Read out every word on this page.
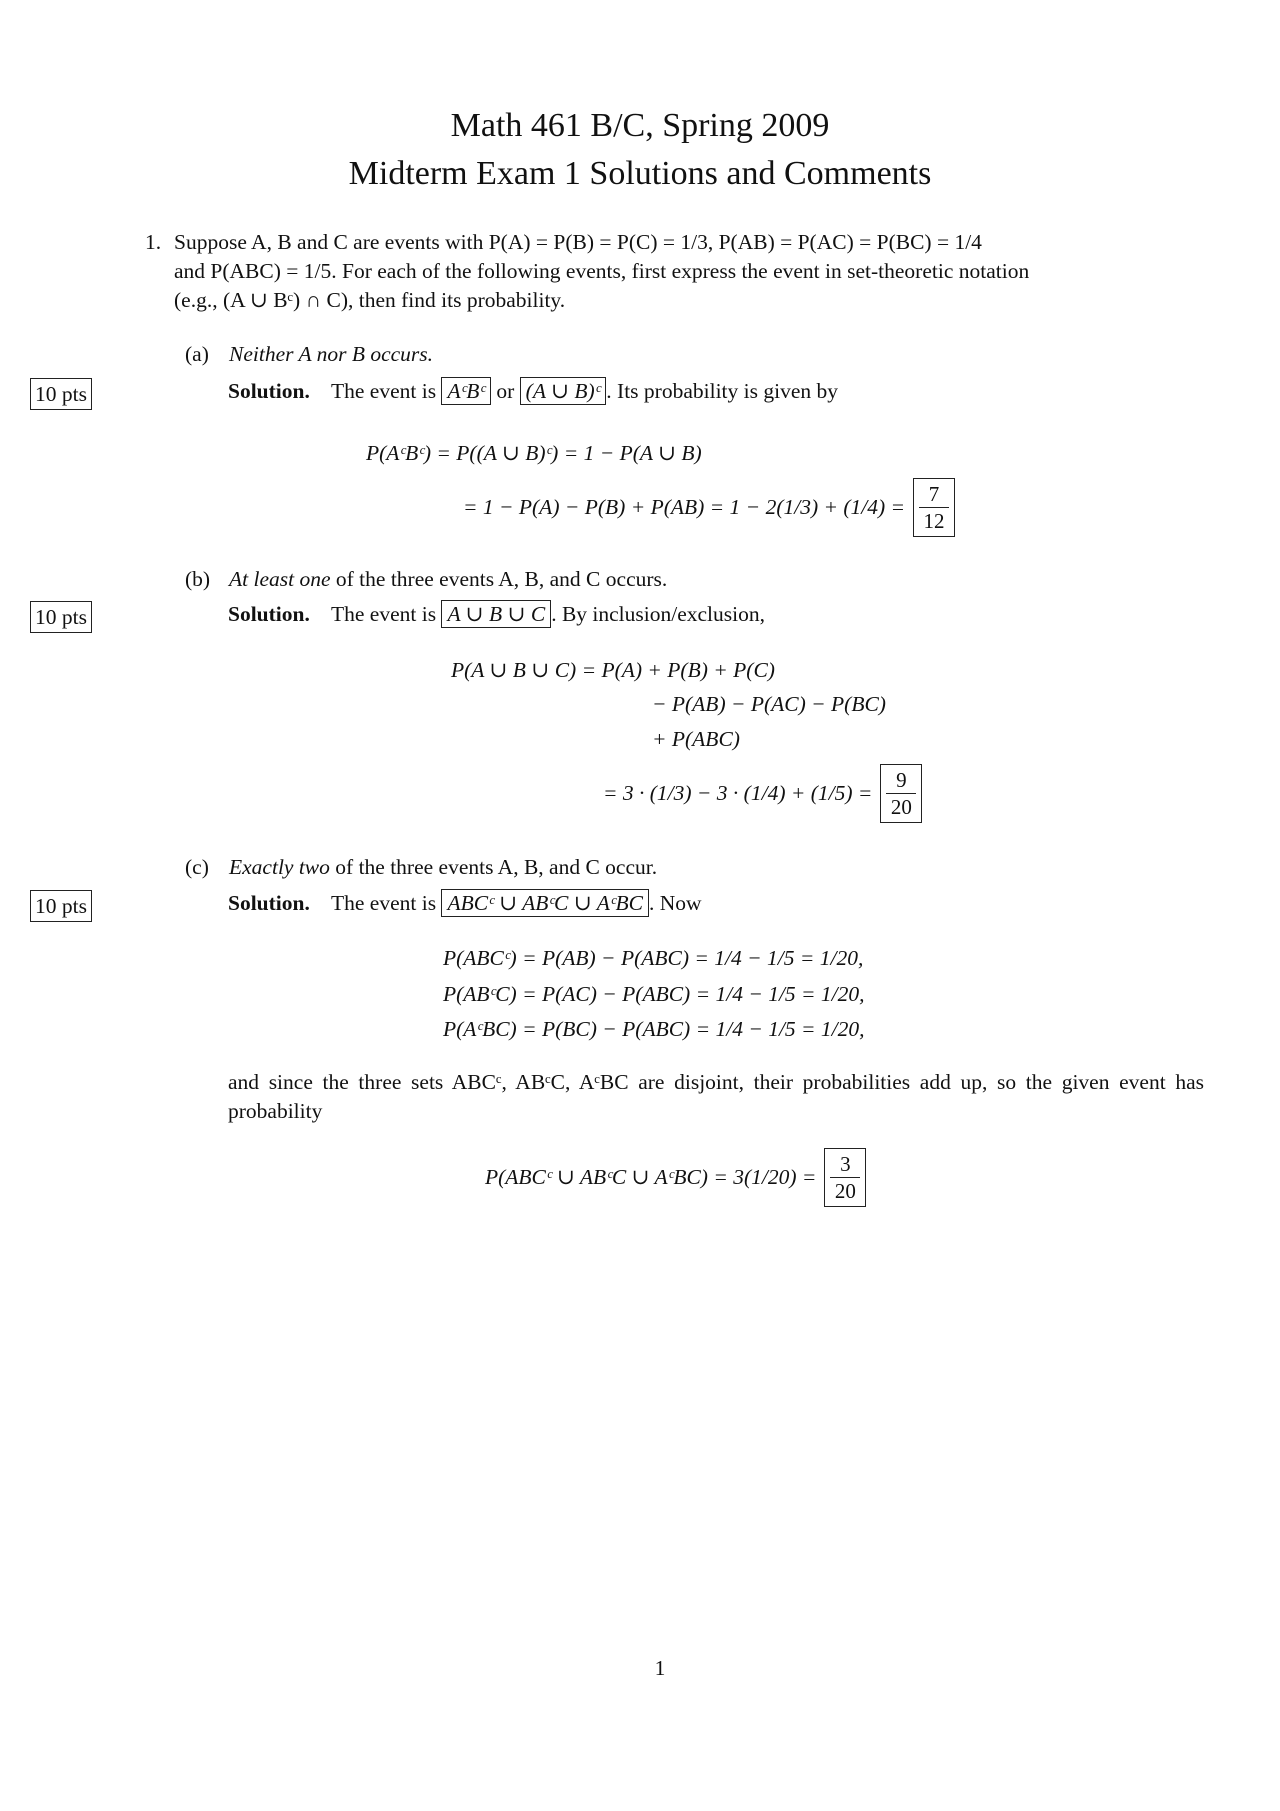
Math 461 B/C, Spring 2009
Midterm Exam 1 Solutions and Comments
1. Suppose A, B and C are events with P(A) = P(B) = P(C) = 1/3, P(AB) = P(AC) = P(BC) = 1/4
and P(ABC) = 1/5. For each of the following events, first express the event in set-theoretic notation
(e.g., (A ∪ Bᶜ) ∩ C), then find its probability.
(a) Neither A nor B occurs.
10 pts	Solution. The event is AᶜBᶜ or (A ∪ B)ᶜ . Its probability is given by
P(AᶜBᶜ) = P((A ∪ B)ᶜ) = 1 − P(A ∪ B)
= $1 - P(A) - P(B) + P(AB) = 1 - 2(1/3) + (1/4) = \frac{7}{12}$
(b) At least one of the three events A, B, and C occurs.
10 pts	Solution. The event is A ∪ B ∪ C . By inclusion/exclusion,
P(A ∪ B ∪ C) = P(A) + P(B) + P(C)
− P(AB) − P(AC) − P(BC)
+ P(ABC)
= $3 \cdot (1/3) - 3 \cdot (1/4) + (1/5) = \frac{9}{20}$
(c) Exactly two of the three events A, B, and C occur.
10 pts	Solution. The event is ABCᶜ ∪ ABᶜC ∪ AᶜBC . Now
P(ABCᶜ) = P(AB) − P(ABC) = 1/4 − 1/5 = 1/20,
P(ABᶜC) = P(AC) − P(ABC) = 1/4 − 1/5 = 1/20,
P(AᶜBC) = P(BC) − P(ABC) = 1/4 − 1/5 = 1/20,
and since the three sets ABCᶜ, ABᶜC, AᶜBC are disjoint, their probabilities add up, so the given event has probability
P(ABCᶜ ∪ ABᶜC ∪ AᶜBC) = $3(1/20) = \frac{3}{20}$
1
